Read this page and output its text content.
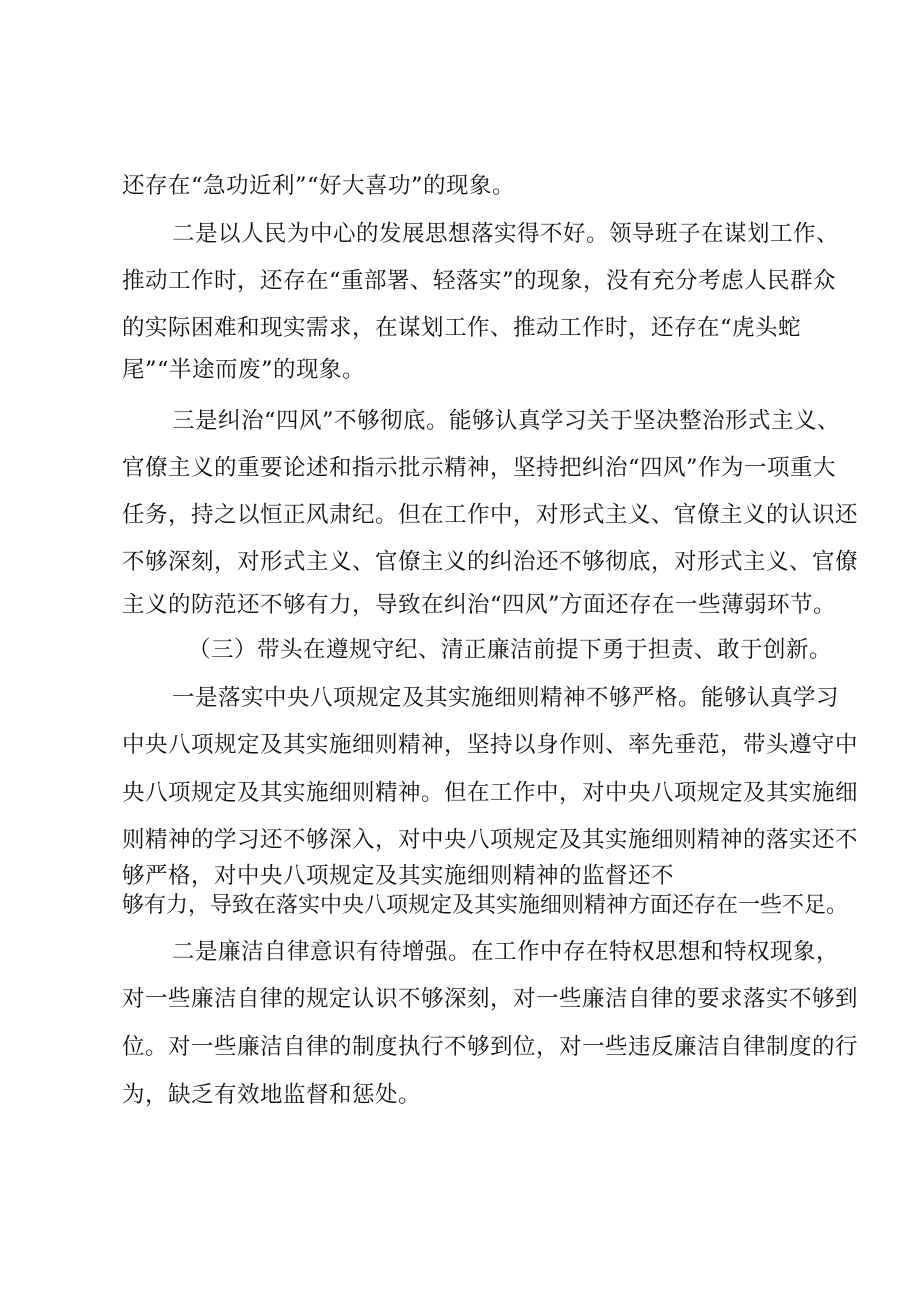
还存在“急功近利”“好大喜功”的现象。
二是以人民为中心的发展思想落实得不好。领导班子在谋划工作、
推动工作时，还存在“重部署、轻落实”的现象，没有充分考虑人民群众
的实际困难和现实需求，在谋划工作、推动工作时，还存在“虎头蛇
尾”“半途而废”的现象。
三是纠治“四风”不够彻底。能够认真学习关于坚决整治形式主义、
官僚主义的重要论述和指示批示精神，坚持把纠治“四风”作为一项重大
任务，持之以恒正风肃纪。但在工作中，对形式主义、官僚主义的认识还
不够深刻，对形式主义、官僚主义的纠治还不够彻底，对形式主义、官僚
主义的防范还不够有力，导致在纠治“四风”方面还存在一些薄弱环节。
（三）带头在遵规守纪、清正廉洁前提下勇于担责、敢于创新。
一是落实中央八项规定及其实施细则精神不够严格。能够认真学习
中央八项规定及其实施细则精神，坚持以身作则、率先垂范，带头遵守中
央八项规定及其实施细则精神。但在工作中，对中央八项规定及其实施细
则精神的学习还不够深入，对中央八项规定及其实施细则精神的落实还不
够严格，对中央八项规定及其实施细则精神的监督还不
够有力，导致在落实中央八项规定及其实施细则精神方面还存在一些不足。
二是廉洁自律意识有待增强。在工作中存在特权思想和特权现象，
对一些廉洁自律的规定认识不够深刻，对一些廉洁自律的要求落实不够到
位。对一些廉洁自律的制度执行不够到位，对一些违反廉洁自律制度的行
为，缺乏有效地监督和惩处。
